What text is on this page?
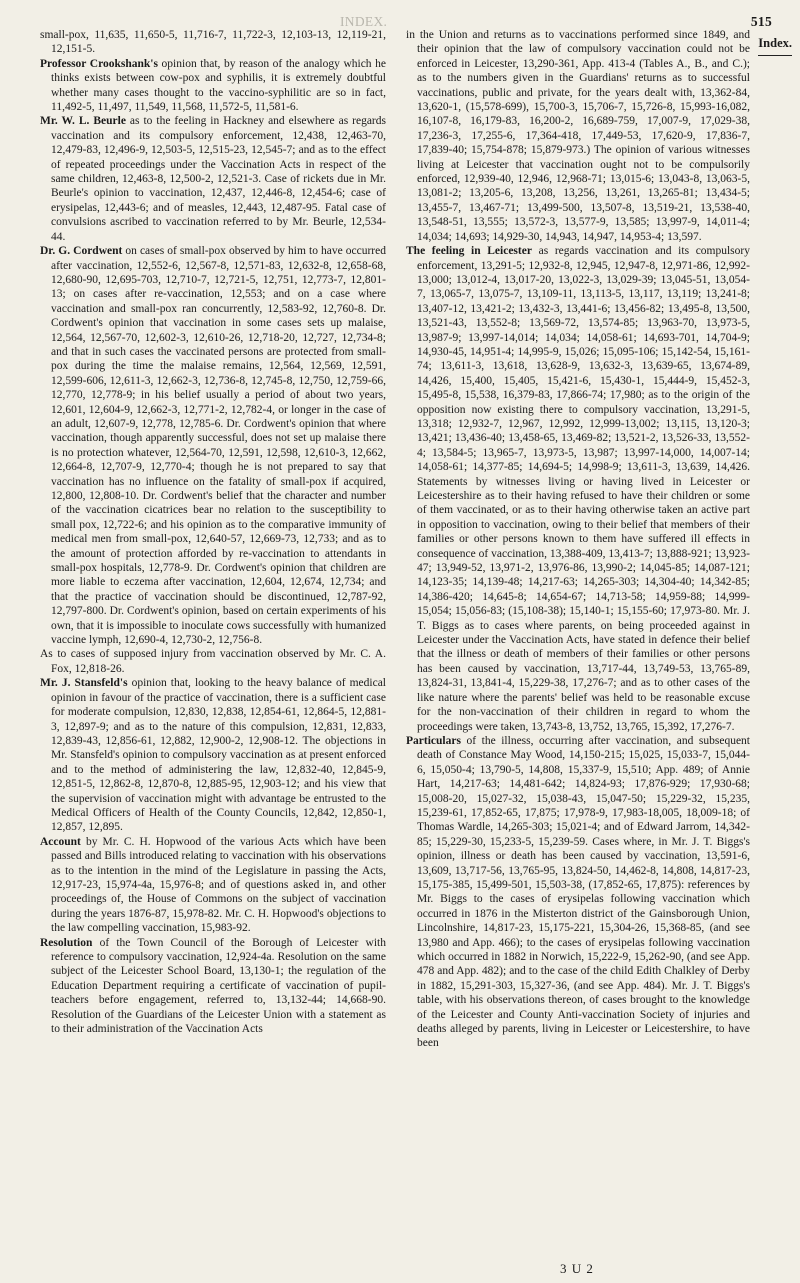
INDEX.	515
Index.

small-pox, 11,635, 11,650-5, 11,716-7, 11,722-3, 12,103-13, 12,119-21, 12,151-5.

Professor Crookshank's opinion that, by reason of the analogy which he thinks exists between cow-pox and syphilis, it is extremely doubtful whether many cases thought to the vaccino-syphilitic are so in fact, 11,492-5, 11,497, 11,549, 11,568, 11,572-5, 11,581-6.

Mr. W. L. Beurle as to the feeling in Hackney and elsewhere as regards vaccination and its compulsory enforcement, 12,438, 12,463-70, 12,479-83, 12,496-9, 12,503-5, 12,515-23, 12,545-7; and as to the effect of repeated proceedings under the Vaccination Acts in respect of the same children, 12,463-8, 12,500-2, 12,521-3. Case of rickets due in Mr. Beurle's opinion to vaccination, 12,437, 12,446-8, 12,454-6; case of erysipelas, 12,443-6; and of measles, 12,443, 12,487-95. Fatal case of convulsions ascribed to vaccination referred to by Mr. Beurle, 12,534-44.

Dr. G. Cordwent on cases of small-pox observed by him to have occurred after vaccination, 12,552-6, 12,567-8, 12,571-83, 12,632-8, 12,658-68, 12,680-90, 12,695-703, 12,710-7, 12,721-5, 12,751, 12,773-7, 12,801-13; on cases after re-vaccination, 12,553; and on a case where vaccination and small-pox ran concurrently, 12,583-92, 12,760-8. Dr. Cordwent's opinion that vaccination in some cases sets up malaise, 12,564, 12,567-70, 12,602-3, 12,610-26, 12,718-20, 12,727, 12,734-8; and that in such cases the vaccinated persons are protected from small-pox during the time the malaise remains, 12,564, 12,569, 12,591, 12,599-606, 12,611-3, 12,662-3, 12,736-8, 12,745-8, 12,750, 12,759-66, 12,770, 12,778-9; in his belief usually a period of about two years, 12,601, 12,604-9, 12,662-3, 12,771-2, 12,782-4, or longer in the case of an adult, 12,607-9, 12,778, 12,785-6. Dr. Cordwent's opinion that where vaccination, though apparently successful, does not set up malaise there is no protection whatever, 12,564-70, 12,591, 12,598, 12,610-3, 12,662, 12,664-8, 12,707-9, 12,770-4; though he is not prepared to say that vaccination has no influence on the fatality of small-pox if acquired, 12,800, 12,808-10. Dr. Cordwent's belief that the character and number of the vaccination cicatrices bear no relation to the susceptibility to small pox, 12,722-6; and his opinion as to the comparative immunity of medical men from small-pox, 12,640-57, 12,669-73, 12,733; and as to the amount of protection afforded by re-vaccination to attendants in small-pox hospitals, 12,778-9. Dr. Cordwent's opinion that children are more liable to eczema after vaccination, 12,604, 12,674, 12,734; and that the practice of vaccination should be discontinued, 12,787-92, 12,797-800. Dr. Cordwent's opinion, based on certain experiments of his own, that it is impossible to inoculate cows successfully with humanized vaccine lymph, 12,690-4, 12,730-2, 12,756-8.

As to cases of supposed injury from vaccination observed by Mr. C. A. Fox, 12,818-26.

Mr. J. Stansfeld's opinion that, looking to the heavy balance of medical opinion in favour of the practice of vaccination, there is a sufficient case for moderate compulsion, 12,830, 12,838, 12,854-61, 12,864-5, 12,881-3, 12,897-9; and as to the nature of this compulsion, 12,831, 12,833, 12,839-43, 12,856-61, 12,882, 12,900-2, 12,908-12. The objections in Mr. Stansfeld's opinion to compulsory vaccination as at present enforced and to the method of administering the law, 12,832-40, 12,845-9, 12,851-5, 12,862-8, 12,870-8, 12,885-95, 12,903-12; and his view that the supervision of vaccination might with advantage be entrusted to the Medical Officers of Health of the County Councils, 12,842, 12,850-1, 12,857, 12,895.

Account by Mr. C. H. Hopwood of the various Acts which have been passed and Bills introduced relating to vaccination with his observations as to the intention in the mind of the Legislature in passing the Acts, 12,917-23, 15,974-4a, 15,976-8; and of questions asked in, and other proceedings of, the House of Commons on the subject of vaccination during the years 1876-87, 15,978-82. Mr. C. H. Hopwood's objections to the law compelling vaccination, 15,983-92.

Resolution of the Town Council of the Borough of Leicester with reference to compulsory vaccination, 12,924-4a. Resolution on the same subject of the Leicester School Board, 13,130-1; the regulation of the Education Department requiring a certificate of vaccination of pupil-teachers before engagement, referred to, 13,132-44; 14,668-90. Resolution of the Guardians of the Leicester Union with a statement as to their administration of the Vaccination Acts

in the Union and returns as to vaccinations performed since 1849, and their opinion that the law of compulsory vaccination could not be enforced in Leicester, 13,290-361, App. 413-4 (Tables A., B., and C.); as to the numbers given in the Guardians' returns as to successful vaccinations, public and private, for the years dealt with, 13,362-84, 13,620-1, (15,578-699), 15,700-3, 15,706-7, 15,726-8, 15,993-16,082, 16,107-8, 16,179-83, 16,200-2, 16,689-759, 17,007-9, 17,029-38, 17,236-3, 17,255-6, 17,364-418, 17,449-53, 17,620-9, 17,836-7, 17,839-40; 15,754-878; 15,879-973.) The opinion of various witnesses living at Leicester that vaccination ought not to be compulsorily enforced, 12,939-40, 12,946, 12,968-71; 13,015-6; 13,043-8, 13,063-5, 13,081-2; 13,205-6, 13,208, 13,256, 13,261, 13,265-81; 13,434-5; 13,455-7, 13,467-71; 13,499-500, 13,507-8, 13,519-21, 13,538-40, 13,548-51, 13,555; 13,572-3, 13,577-9, 13,585; 13,997-9, 14,011-4; 14,034; 14,693; 14,929-30, 14,943, 14,947, 14,953-4; 13,597.

The feeling in Leicester as regards vaccination and its compulsory enforcement, 13,291-5; 12,932-8, 12,945, 12,947-8, 12,971-86, 12,992-13,000; 13,012-4, 13,017-20, 13,022-3, 13,029-39; 13,045-51, 13,054-7, 13,065-7, 13,075-7, 13,109-11, 13,113-5, 13,117, 13,119; 13,241-8; 13,407-12, 13,421-2; 13,432-3, 13,441-6; 13,456-82; 13,495-8, 13,500, 13,521-43, 13,552-8; 13,569-72, 13,574-85; 13,963-70, 13,973-5, 13,987-9; 13,997-14,014; 14,034; 14,058-61; 14,693-701, 14,704-9; 14,930-45, 14,951-4; 14,995-9, 15,026; 15,095-106; 15,142-54, 15,161-74; 13,611-3, 13,618, 13,628-9, 13,632-3, 13,639-65, 13,674-89, 14,426, 15,400, 15,405, 15,421-6, 15,430-1, 15,444-9, 15,452-3, 15,495-8, 15,538, 16,379-83, 17,866-74; 17,980; as to the origin of the opposition now existing there to compulsory vaccination, 13,291-5, 13,318; 12,932-7, 12,967, 12,992, 12,999-13,002; 13,115, 13,120-3; 13,421; 13,436-40; 13,458-65, 13,469-82; 13,521-2, 13,526-33, 13,552-4; 13,584-5; 13,965-7, 13,973-5, 13,987; 13,997-14,000, 14,007-14; 14,058-61; 14,377-85; 14,694-5; 14,998-9; 13,611-3, 13,639, 14,426. Statements by witnesses living or having lived in Leicester or Leicestershire as to their having refused to have their children or some of them vaccinated, or as to their having otherwise taken an active part in opposition to vaccination, owing to their belief that members of their families or other persons known to them have suffered ill effects in consequence of vaccination, 13,388-409, 13,413-7; 13,888-921; 13,923-47; 13,949-52, 13,971-2, 13,976-86, 13,990-2; 14,045-85; 14,087-121; 14,123-35; 14,139-48; 14,217-63; 14,265-303; 14,304-40; 14,342-85; 14,386-420; 14,645-8; 14,654-67; 14,713-58; 14,959-88; 14,999-15,054; 15,056-83; (15,108-38); 15,140-1; 15,155-60; 17,973-80. Mr. J. T. Biggs as to cases where parents, on being proceeded against in Leicester under the Vaccination Acts, have stated in defence their belief that the illness or death of members of their families or other persons has been caused by vaccination, 13,717-44, 13,749-53, 13,765-89, 13,824-31, 13,841-4, 15,229-38, 17,276-7; and as to other cases of the like nature where the parents' belief was held to be reasonable excuse for the non-vaccination of their children in regard to whom the proceedings were taken, 13,743-8, 13,752, 13,765, 15,392, 17,276-7.

Particulars of the illness, occurring after vaccination, and subsequent death of Constance May Wood, 14,150-215; 15,025, 15,033-7, 15,044-6, 15,050-4; 13,790-5, 14,808, 15,337-9, 15,510; App. 489; of Annie Hart, 14,217-63; 14,481-642; 14,824-93; 17,876-929; 17,930-68; 15,008-20, 15,027-32, 15,038-43, 15,047-50; 15,229-32, 15,235, 15,239-61, 17,852-65, 17,875; 17,978-9, 17,983-18,005, 18,009-18; of Thomas Wardle, 14,265-303; 15,021-4; and of Edward Jarrom, 14,342-85; 15,229-30, 15,233-5, 15,239-59. Cases where, in Mr. J. T. Biggs's opinion, illness or death has been caused by vaccination, 13,591-6, 13,609, 13,717-56, 13,765-95, 13,824-50, 14,462-8, 14,808, 14,817-23, 15,175-385, 15,499-501, 15,503-38, (17,852-65, 17,875): references by Mr. Biggs to the cases of erysipelas following vaccination which occurred in 1876 in the Misterton district of the Gainsborough Union, Lincolnshire, 14,817-23, 15,175-221, 15,304-26, 15,368-85, (and see 13,980 and App. 466); to the cases of erysipelas following vaccination which occurred in 1882 in Norwich, 15,222-9, 15,262-90, (and see App. 478 and App. 482); and to the case of the child Edith Chalkley of Derby in 1882, 15,291-303, 15,327-36, (and see App. 484). Mr. J. T. Biggs's table, with his observations thereon, of cases brought to the knowledge of the Leicester and County Anti-vaccination Society of injuries and deaths alleged by parents, living in Leicester or Leicestershire, to have been

3 U 2
